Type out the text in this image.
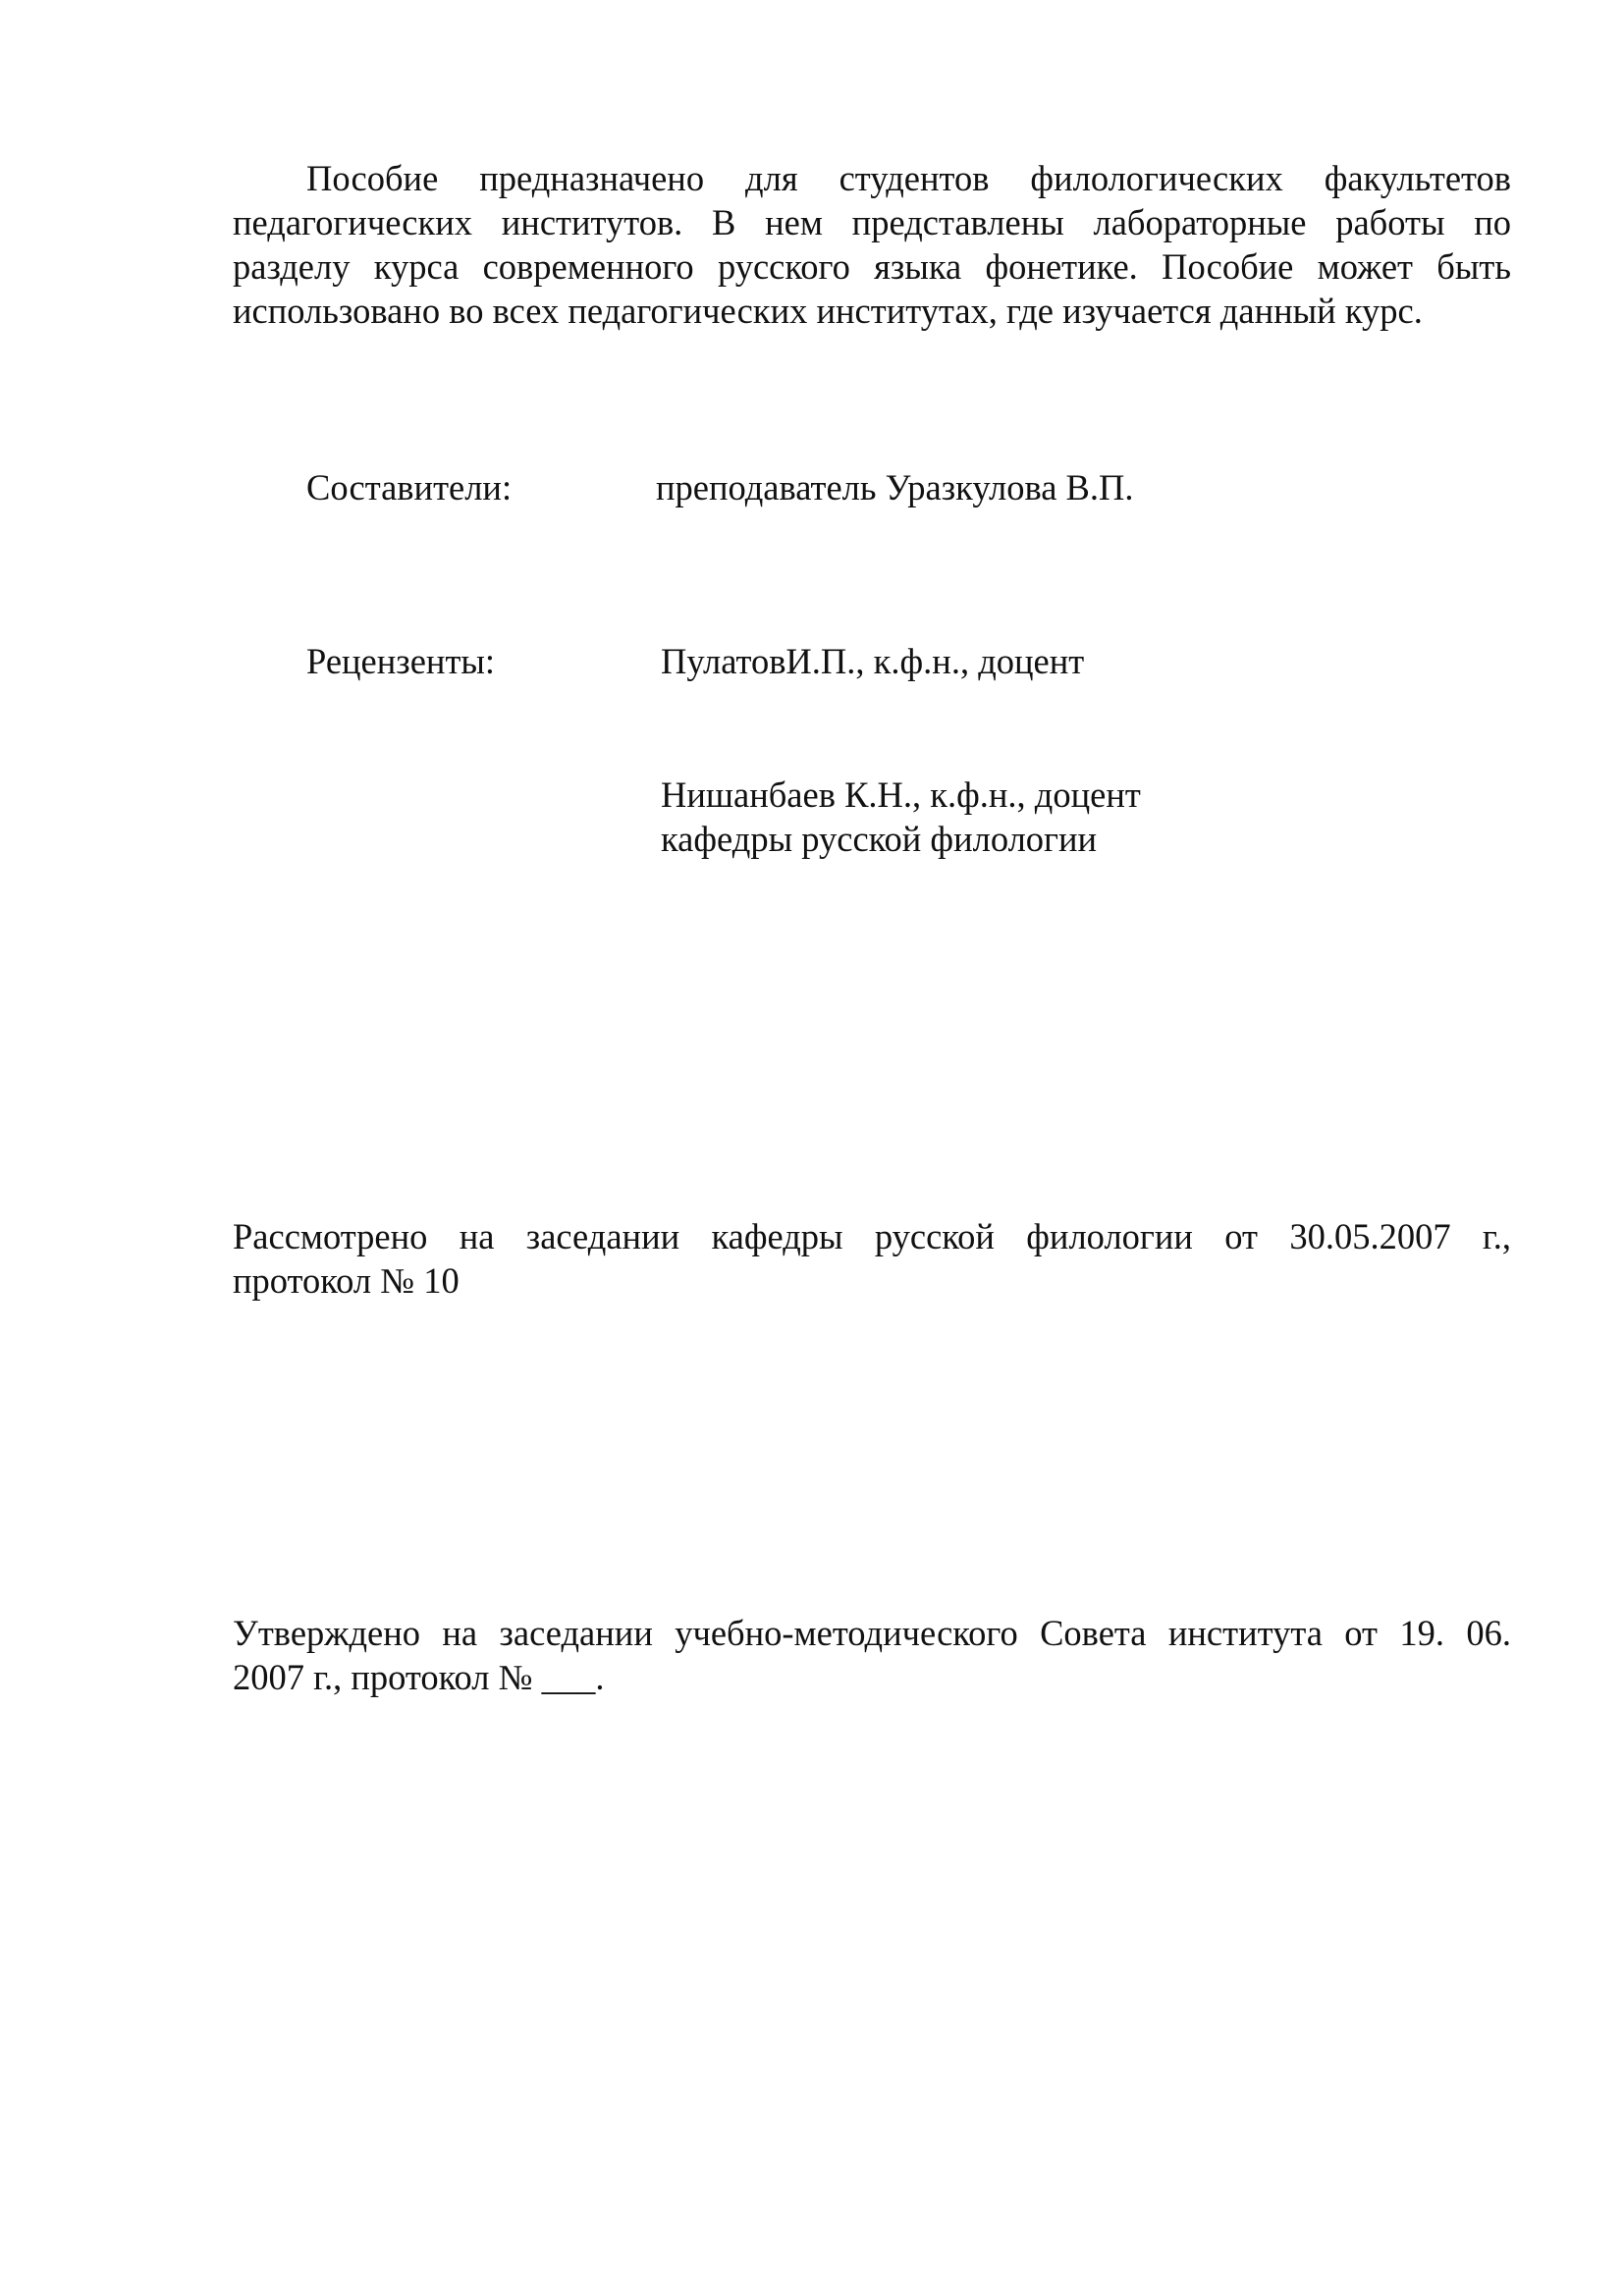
Пособие предназначено для студентов филологических факультетов
педагогических институтов. В нем представлены лабораторные работы по
разделу курса современного русского языка фонетике. Пособие может быть
использовано во всех педагогических институтах, где изучается данный курс.
Составители:	преподаватель Уразкулова В.П.
Рецензенты:	ПулатовИ.П., к.ф.н., доцент
Нишанбаев К.Н., к.ф.н., доцент
кафедры русской филологии
Рассмотрено на заседании кафедры русской филологии от 30.05.2007 г.,
протокол № 10
Утверждено на заседании учебно-методического Совета института от 19. 06.
2007 г., протокол № ___.
